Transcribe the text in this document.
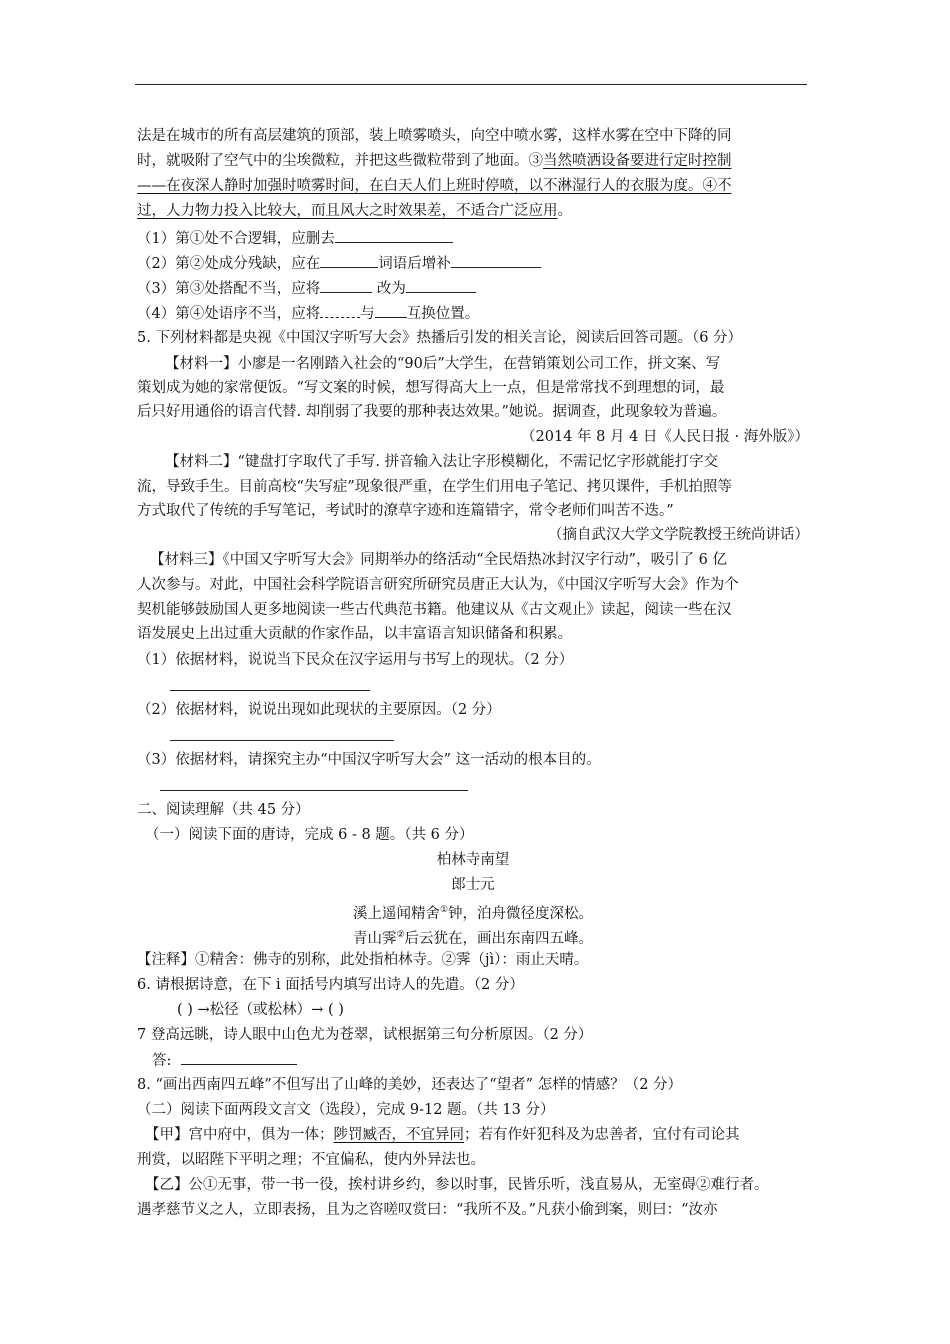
法是在城市的所有高层建筑的顶部，装上喷雾喷头，向空中喷水雾，这样水雾在空中下降的同
时，就吸附了空气中的尘埃微粒，并把这些微粒带到了地面。③当然喷洒设备要进行定时控制
——在夜深人静时加强时喷雾时间，在白天人们上班时停喷，以不淋湿行人的衣服为度。④不
过，人力物力投入比较大，而且风大之时效果差，不适合广泛应用。
（1）第①处不合逻辑，应删去
（2）第②处成分残缺，应在	词语后增补
（3）第③处搭配不当，应将	改为
（4）第④处语序不当，应将	与 互换位置。
5. 下列材料都是央视《中国汉字听写大会》热播后引发的相关言论，阅读后回答司题。（6 分）
【材料一】小廖是一名刚踏入社会的“90后”大学生，在营销策划公司工作，拼文案、写
策划成为她的家常便饭。“写文案的时候，想写得高大上一点，但是常常找不到理想的词，最
后只好用通俗的语言代替. 却削弱了我要的那种表达效果。”她说。据调查，此现象较为普遍。
（2014 年 8 月 4 日《人民日报 · 海外版》）
【材料二】“键盘打字取代了手写. 拼音输入法让字形模糊化，不需记忆字形就能打字交
流，导致手生。目前高校“失写症”现象很严重，在学生们用电子笔记、拷贝课件，手机拍照等
方式取代了传统的手写笔记，考试时的潦草字迹和连篇错字，常令老师们叫苦不迭。”
（摘自武汉大学文学院教授王统尚讲话）
【材料三】《中国又字听写大会》同期举办的络活动“全民焐热冰封汉字行动”，吸引了 6 亿
人次参与。对此，中国社会科学院语言研究所研究员唐正大认为，《中国汉字听写大会》作为个
契机能够鼓励国人更多地阅读一些古代典范书籍。他建议从《古文观止》读起，阅读一些在汉
语发展史上出过重大贡献的作家作品，以丰富语言知识储备和积累。
（1）依据材料，说说当下民众在汉字运用与书写上的现状。（2 分）
（2）依据材料，说说出现如此现状的主要原因。（2 分）
（3）依据材料，请探究主办“中国汉字听写大会” 这一活动的根本目的。
二、阅读理解（共 45 分）
（一）阅读下面的唐诗，完成 6 - 8 题。（共 6 分）
柏林寺南望
郎士元
溪上遥闻精舍①钟，泊舟微径度深松。
青山霁②后云犹在，画出东南四五峰。
【注释】①精舍：佛寺的别称，此处指柏林寺。②霁（jì）：雨止天晴。
6. 请根据诗意，在下 i 面括号内填写出诗人的先遣。（2 分）
( ) →松径（或松林）→ ( )
7 登高远眺，诗人眼中山色尤为苍翠，试根据第三句分析原因。（2 分）
答:
8. “画出西南四五峰”不但写出了山峰的美妙，还表达了“望者” 怎样的情感？（2 分）
（二）阅读下面两段文言文（选段），完成 9-12 题。（共 13 分）
【甲】宫中府中，俱为一体；陟罚臧否，不宜异同；若有作奸犯科及为忠善者，宜付有司论其
刑赏，以昭陛下平明之理；不宜偏私，使内外异法也。
【乙】公①无事，带一书一役，挨村讲乡约，参以时事，民皆乐听，浅直易从，无室碍②难行者。
遇孝慈节义之人，立即表扬，且为之咨嗟叹赏曰：“我所不及。”凡获小偷到案，则曰：“汝亦
